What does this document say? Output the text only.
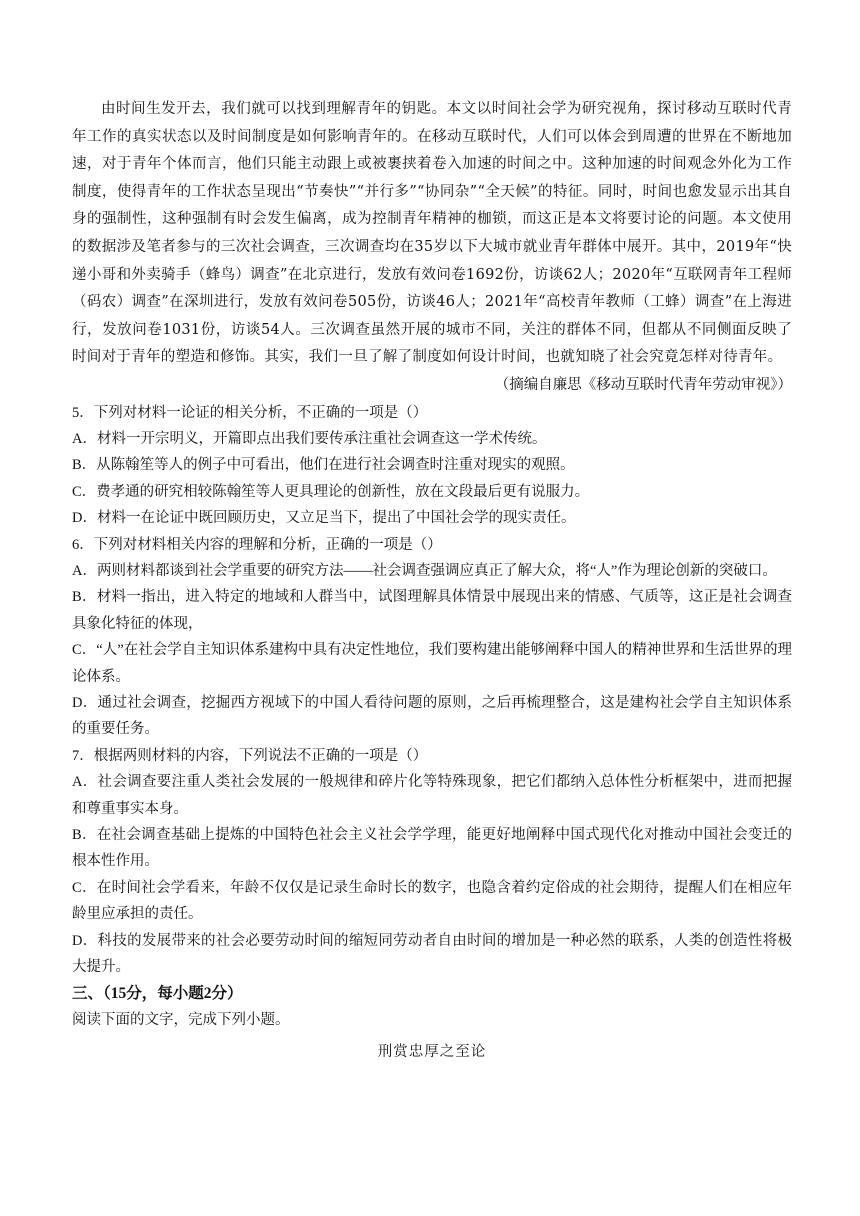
由时间生发开去，我们就可以找到理解青年的钥匙。本文以时间社会学为研究视角，探讨移动互联时代青年工作的真实状态以及时间制度是如何影响青年的。在移动互联时代，人们可以体会到周遭的世界在不断地加速，对于青年个体而言，他们只能主动跟上或被裹挟着卷入加速的时间之中。这种加速的时间观念外化为工作制度，使得青年的工作状态呈现出“节奏快”“并行多”“协同杂”“全天候”的特征。同时，时间也愈发显示出其自身的强制性，这种强制有时会发生偏离，成为控制青年精神的枷锁，而这正是本文将要讨论的问题。本文使用的数据涉及笔者参与的三次社会调查，三次调查均在35岁以下大城市就业青年群体中展开。其中，2019年“快递小哥和外卖骑手（蜂鸟）调查”在北京进行，发放有效问卷1692份，访谈62人；2020年“互联网青年工程师（码农）调查”在深圳进行，发放有效问卷505份，访谈46人；2021年“高校青年教师（工蜂）调查”在上海进行，发放问卷1031份，访谈54人。三次调查虽然开展的城市不同，关注的群体不同，但都从不同侧面反映了时间对于青年的塑造和修饰。其实，我们一旦了解了制度如何设计时间，也就知晓了社会究竟怎样对待青年。

（摘编自廉思《移动互联时代青年劳动审视》）

5．下列对材料一论证的相关分析，不正确的一项是（）

A．材料一开宗明义，开篇即点出我们要传承注重社会调查这一学术传统。

B．从陈翰笙等人的例子中可看出，他们在进行社会调查时注重对现实的观照。

C．费孝通的研究相较陈翰笙等人更具理论的创新性，放在文段最后更有说服力。

D．材料一在论证中既回顾历史，又立足当下，提出了中国社会学的现实责任。

6．下列对材料相关内容的理解和分析，正确的一项是（）

A．两则材料都谈到社会学重要的研究方法——社会调查强调应真正了解大众，将“人”作为理论创新的突破口。

B．材料一指出，进入特定的地域和人群当中，试图理解具体情景中展现出来的情感、气质等，这正是社会调查具象化特征的体现，

C．“人”在社会学自主知识体系建构中具有决定性地位，我们要构建出能够阐释中国人的精神世界和生活世界的理论体系。

D．通过社会调查，挖掘西方视域下的中国人看待问题的原则，之后再梳理整合，这是建构社会学自主知识体系的重要任务。

7．根据两则材料的内容，下列说法不正确的一项是（）

A．社会调查要注重人类社会发展的一般规律和碎片化等特殊现象，把它们都纳入总体性分析框架中，进而把握和尊重事实本身。

B．在社会调查基础上提炼的中国特色社会主义社会学学理，能更好地阐释中国式现代化对推动中国社会变迁的根本性作用。

C．在时间社会学看来，年龄不仅仅是记录生命时长的数字，也隐含着约定俗成的社会期待，提醒人们在相应年龄里应承担的责任。

D．科技的发展带来的社会必要劳动时间的缩短同劳动者自由时间的增加是一种必然的联系，人类的创造性将极大提升。

三、（15分，每小题2分）

阅读下面的文字，完成下列小题。

刑赏忠厚之至论
